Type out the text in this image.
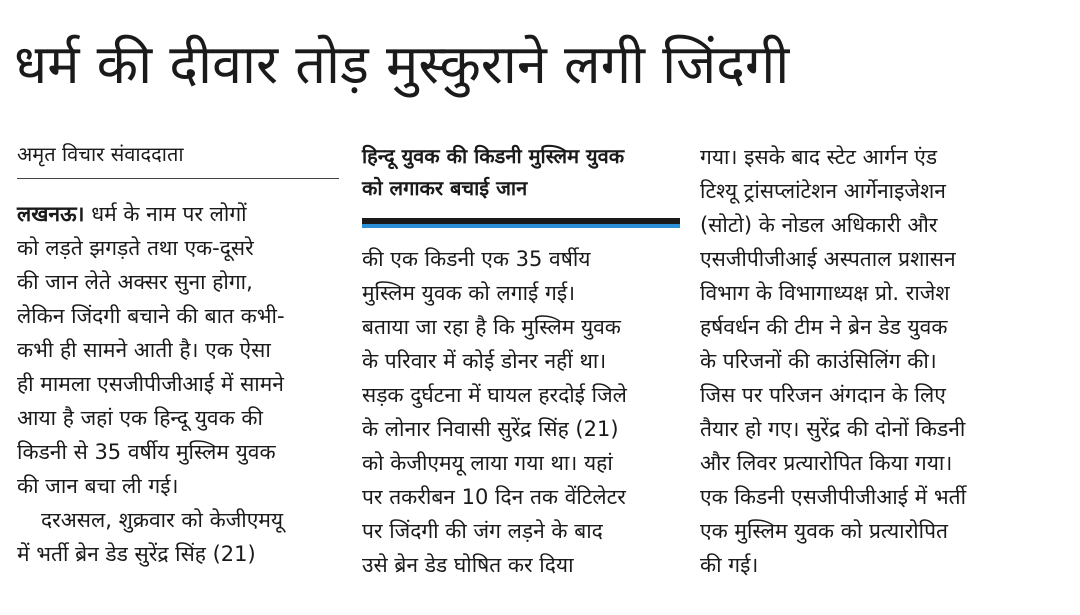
धर्म की दीवार तोड़ मुस्कुराने लगी जिंदगी
अमृत विचार संवाददाता

लखनऊ। धर्म के नाम पर लोगों

को लड़ते झगड़ते तथा एक-दूसरे

की जान लेते अक्सर सुना होगा,

लेकिन जिंदगी बचाने की बात कभी-

कभी ही सामने आती है। एक ऐसा

ही मामला एसजीपीजीआई में सामने

आया है जहां एक हिन्दू युवक की

किडनी से 35 वर्षीय मुस्लिम युवक

की जान बचा ली गई।

दरअसल, शुक्रवार को केजीएमयू

में भर्ती ब्रेन डेड सुरेंद्र सिंह (21)

हिन्दू युवक की किडनी मुस्लिम युवक

को लगाकर बचाई जान

की एक किडनी एक 35 वर्षीय

मुस्लिम युवक को लगाई गई।

बताया जा रहा है कि मुस्लिम युवक

के परिवार में कोई डोनर नहीं था।

सड़क दुर्घटना में घायल हरदोई जिले

के लोनार निवासी सुरेंद्र सिंह (21)

को केजीएमयू लाया गया था। यहां

पर तकरीबन 10 दिन तक वेंटिलेटर

पर जिंदगी की जंग लड़ने के बाद

उसे ब्रेन डेड घोषित कर दिया

गया। इसके बाद स्टेट आर्गन एंड

टिश्यू ट्रांसप्लांटेशन आर्गेनाइजेशन

(सोटो) के नोडल अधिकारी और

एसजीपीजीआई अस्पताल प्रशासन

विभाग के विभागाध्यक्ष प्रो. राजेश

हर्षवर्धन की टीम ने ब्रेन डेड युवक

के परिजनों की काउंसिलिंग की।

जिस पर परिजन अंगदान के लिए

तैयार हो गए। सुरेंद्र की दोनों किडनी

और लिवर प्रत्यारोपित किया गया।

एक किडनी एसजीपीजीआई में भर्ती

एक मुस्लिम युवक को प्रत्यारोपित

की गई।
